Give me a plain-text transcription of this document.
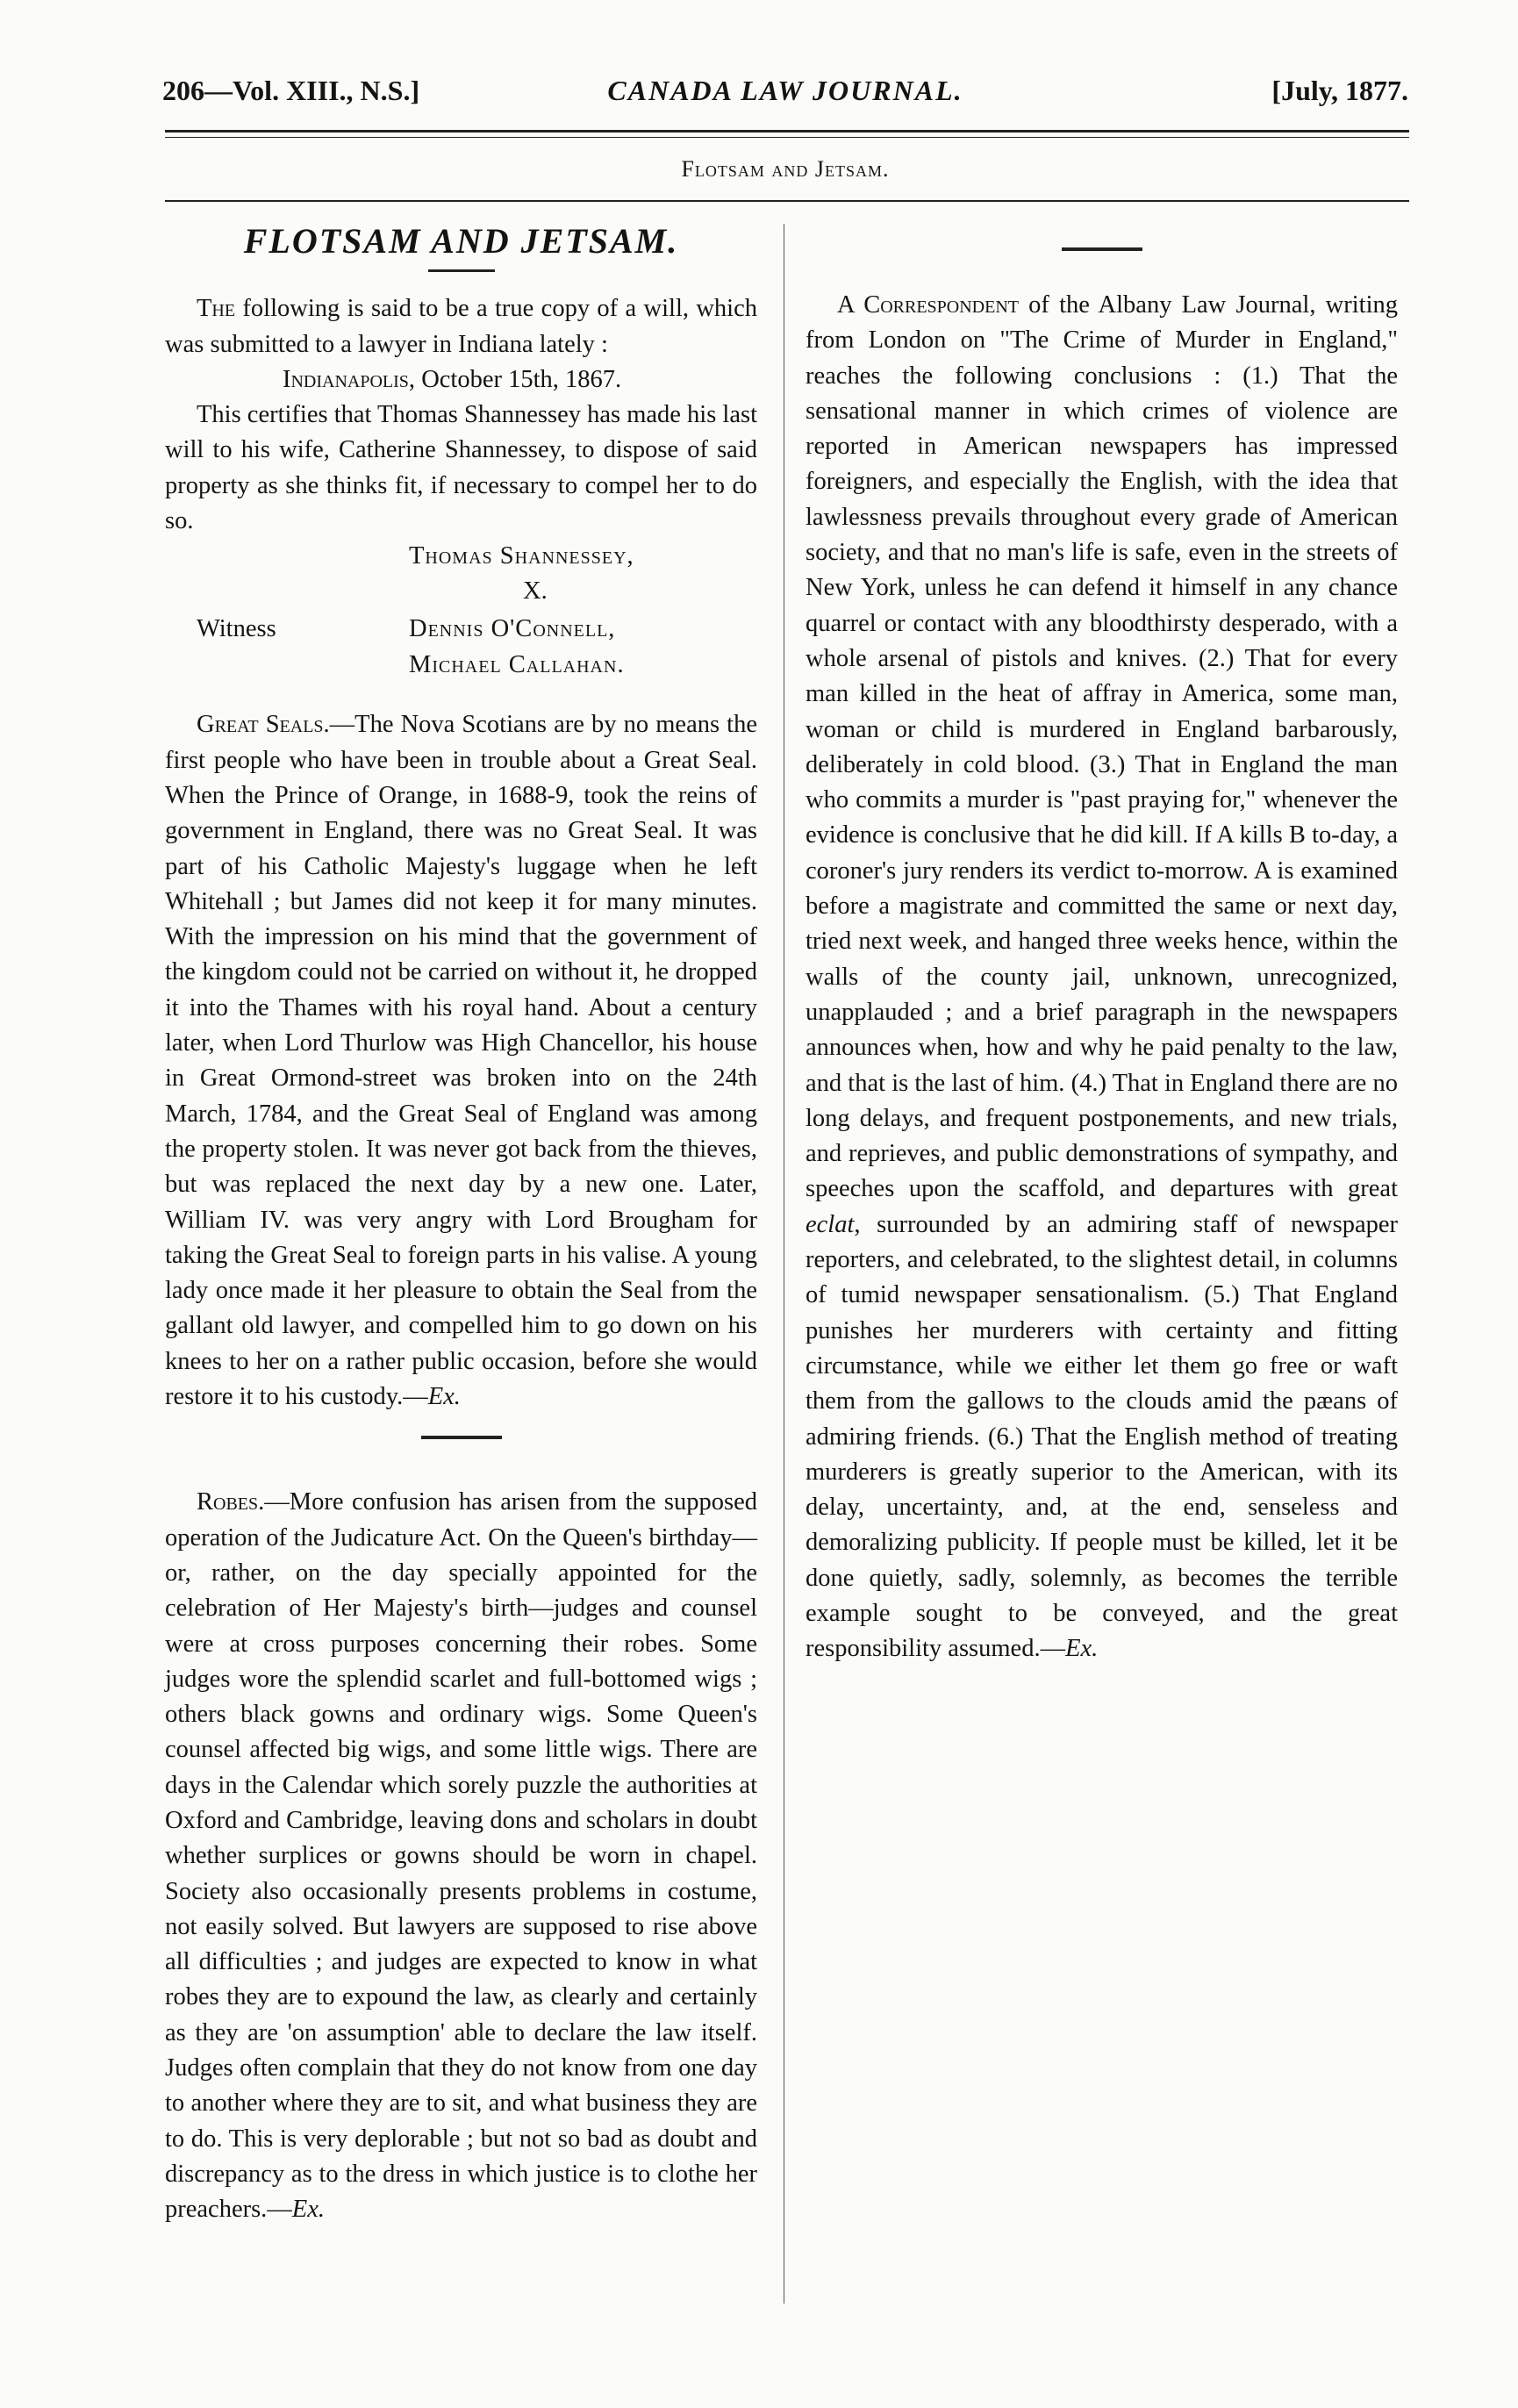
206—Vol. XIII., N.S.]	CANADA LAW JOURNAL.	[July, 1877.
Flotsam and Jetsam.
FLOTSAM AND JETSAM.

The following is said to be a true copy of a will, which was submitted to a lawyer in Indiana lately :

Indianapolis, October 15th, 1867.

This certifies that Thomas Shannessey has made his last will to his wife, Catherine Shannessey, to dispose of said property as she thinks fit, if necessary to compel her to do so.

Thomas Shannessey,
X.
Witness	Dennis O'Connell,
Michael Callahan.

Great Seals.—The Nova Scotians are by no means the first people who have been in trouble about a Great Seal. When the Prince of Orange, in 1688-9, took the reins of government in England, there was no Great Seal. It was part of his Catholic Majesty's luggage when he left Whitehall ; but James did not keep it for many minutes. With the impression on his mind that the government of the kingdom could not be carried on without it, he dropped it into the Thames with his royal hand. About a century later, when Lord Thurlow was High Chancellor, his house in Great Ormond-street was broken into on the 24th March, 1784, and the Great Seal of England was among the property stolen. It was never got back from the thieves, but was replaced the next day by a new one. Later, William IV. was very angry with Lord Brougham for taking the Great Seal to foreign parts in his valise. A young lady once made it her pleasure to obtain the Seal from the gallant old lawyer, and compelled him to go down on his knees to her on a rather public occasion, before she would restore it to his custody.—Ex.

Robes.—More confusion has arisen from the supposed operation of the Judicature Act. On the Queen's birthday—or, rather, on the day specially appointed for the celebration of Her Majesty's birth—judges and counsel were at cross purposes concerning their robes. Some judges wore the splendid scarlet and full-bottomed wigs ; others black gowns and ordinary wigs. Some Queen's counsel affected big wigs, and some little wigs. There are days in the Calendar which sorely puzzle the authorities at Oxford and Cambridge, leaving dons and scholars in doubt whether surplices or gowns should be worn in chapel. Society also occasionally presents problems in costume, not easily solved. But lawyers are supposed to rise above all difficulties ; and judges are expected to know in what robes they are to expound the law, as clearly and certainly as they are 'on assumption' able to declare the law itself. Judges often complain that they do not know from one day to another where they are to sit, and what business they are to do. This is very deplorable ; but not so bad as doubt and discrepancy as to the dress in which justice is to clothe her preachers.—Ex.

A Correspondent of the Albany Law Journal, writing from London on "The Crime of Murder in England," reaches the following conclusions : (1.) That the sensational manner in which crimes of violence are reported in American newspapers has impressed foreigners, and especially the English, with the idea that lawlessness prevails throughout every grade of American society, and that no man's life is safe, even in the streets of New York, unless he can defend it himself in any chance quarrel or contact with any bloodthirsty desperado, with a whole arsenal of pistols and knives. (2.) That for every man killed in the heat of affray in America, some man, woman or child is murdered in England barbarously, deliberately in cold blood. (3.) That in England the man who commits a murder is "past praying for," whenever the evidence is conclusive that he did kill. If A kills B to-day, a coroner's jury renders its verdict to-morrow. A is examined before a magistrate and committed the same or next day, tried next week, and hanged three weeks hence, within the walls of the county jail, unknown, unrecognized, unapplauded ; and a brief paragraph in the newspapers announces when, how and why he paid penalty to the law, and that is the last of him. (4.) That in England there are no long delays, and frequent postponements, and new trials, and reprieves, and public demonstrations of sympathy, and speeches upon the scaffold, and departures with great eclat, surrounded by an admiring staff of newspaper reporters, and celebrated, to the slightest detail, in columns of tumid newspaper sensationalism. (5.) That England punishes her murderers with certainty and fitting circumstance, while we either let them go free or waft them from the gallows to the clouds amid the pæans of admiring friends. (6.) That the English method of treating murderers is greatly superior to the American, with its delay, uncertainty, and, at the end, senseless and demoralizing publicity. If people must be killed, let it be done quietly, sadly, solemnly, as becomes the terrible example sought to be conveyed, and the great responsibility assumed.—Ex.
